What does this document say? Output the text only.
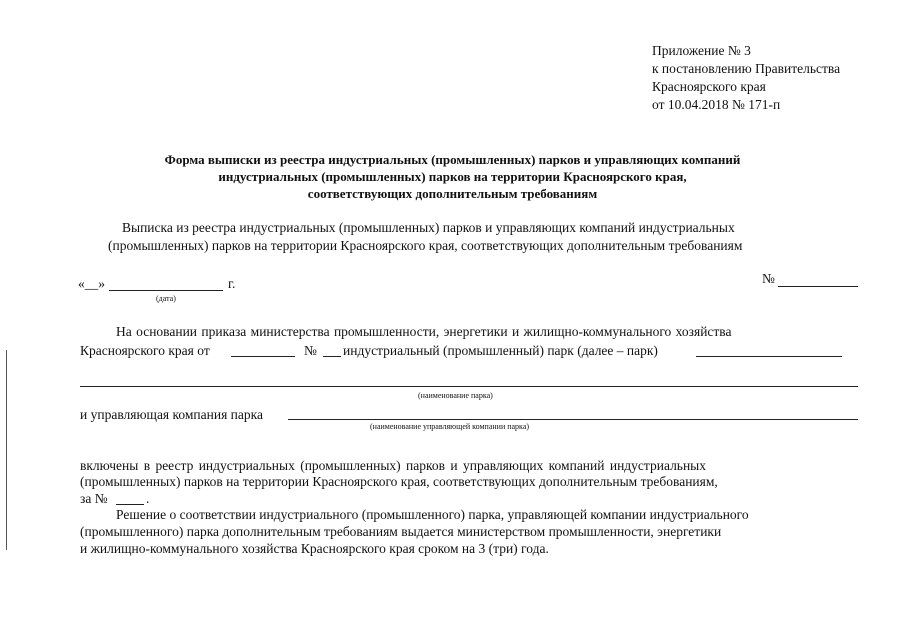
Приложение № 3
к постановлению Правительства
Красноярского края
от 10.04.2018 № 171-п
Форма выписки из реестра индустриальных (промышленных) парков и управляющих компаний
индустриальных (промышленных) парков на территории Красноярского края,
соответствующих дополнительным требованиям
Выписка из реестра индустриальных (промышленных) парков и управляющих компаний индустриальных
(промышленных) парков на территории Красноярского края, соответствующих дополнительным требованиям
«__»	г.
(дата)
№
На основании приказа министерства промышленности, энергетики и жилищно-коммунального хозяйства
Красноярского края от	№ индустриальный (промышленный) парк (далее – парк)
(наименование парка)
и управляющая компания парка
(наименование управляющей компании парка)
включены в реестр индустриальных (промышленных) парков и управляющих компаний индустриальных
(промышленных) парков на территории Красноярского края, соответствующих дополнительным требованиям,
за №	.
Решение о соответствии индустриального (промышленного) парка, управляющей компании индустриального
(промышленного) парка дополнительным требованиям выдается министерством промышленности, энергетики
и жилищно-коммунального хозяйства Красноярского края сроком на 3 (три) года.
